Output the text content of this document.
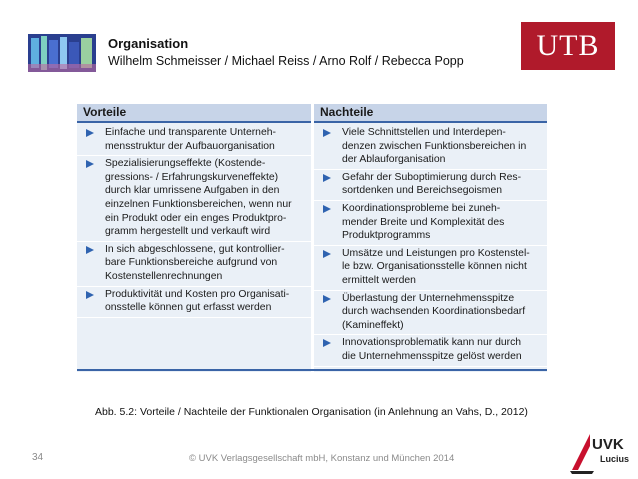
Organisation
Wilhelm Schmeisser / Michael Reiss / Arno Rolf / Rebecca Popp	UTB
Vorteile
Einfache und transparente Unterneh-
mensstruktur der Aufbauorganisation
Spezialisierungseffekte (Kostende-
gressions- / Erfahrungskurveneffekte)
durch klar umrissene Aufgaben in den
einzelnen Funktionsbereichen, wenn nur
ein Produkt oder ein enges Produktpro-
gramm hergestellt und verkauft wird
In sich abgeschlossene, gut kontrollier-
bare Funktionsbereiche aufgrund von
Kostenstellenrechnungen
Produktivität und Kosten pro Organisati-
onsstelle können gut erfasst werden
Nachteile
Viele Schnittstellen und Interdepen-
denzen zwischen Funktionsbereichen in
der Ablauforganisation
Gefahr der Suboptimierung durch Res-
sortdenken und Bereichsegoismen
Koordinationsprobleme bei zuneh-
mender Breite und Komplexität des
Produktprogramms
Umsätze und Leistungen pro Kostenstel-
le bzw. Organisationsstelle können nicht
ermittelt werden
Überlastung der Unternehmensspitze
durch wachsenden Koordinationsbedarf
(Kamineffekt)
Innovationsproblematik kann nur durch
die Unternehmensspitze gelöst werden
Abb. 5.2: Vorteile / Nachteile der Funktionalen Organisation (in Anlehnung an Vahs, D., 2012)
34	© UVK Verlagsgesellschaft mbH, Konstanz und München 2014
UVK
Lucius
